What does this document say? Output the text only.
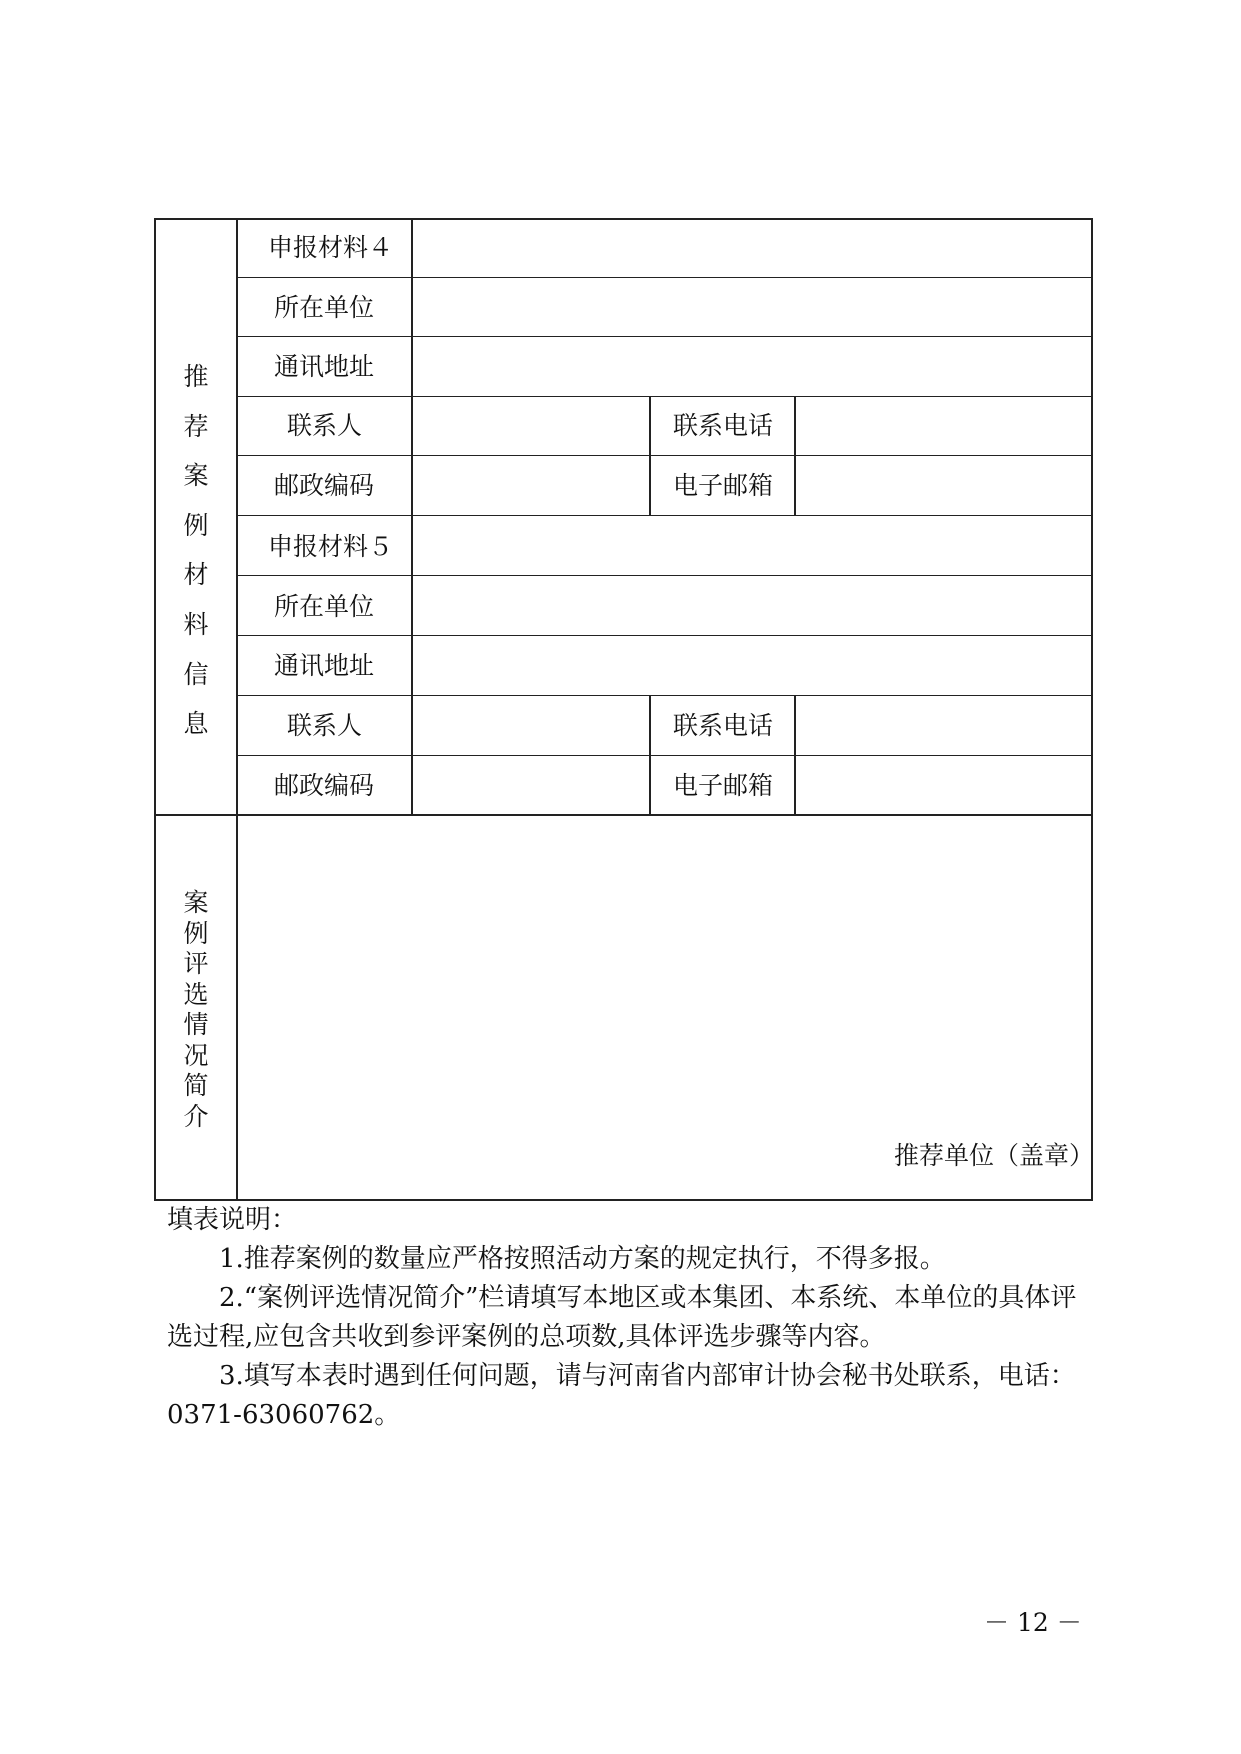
推
荐
案
例
材
料
信
息
申报材料４
所在单位
通讯地址
联系人	联系电话
邮政编码	电子邮箱
申报材料５
所在单位
通讯地址
联系人	联系电话
邮政编码	电子邮箱
案
例
评
选
情
况
简
介
推荐单位（盖章）

填表说明：

1.推荐案例的数量应严格按照活动方案的规定执行，不得多报。

2.“案例评选情况简介”栏请填写本地区或本集团、本系统、本单位的具体评选过程,应包含共收到参评案例的总项数,具体评选步骤等内容。

3.填写本表时遇到任何问题，请与河南省内部审计协会秘书处联系，电话：0371-63060762。

－ 12 －
